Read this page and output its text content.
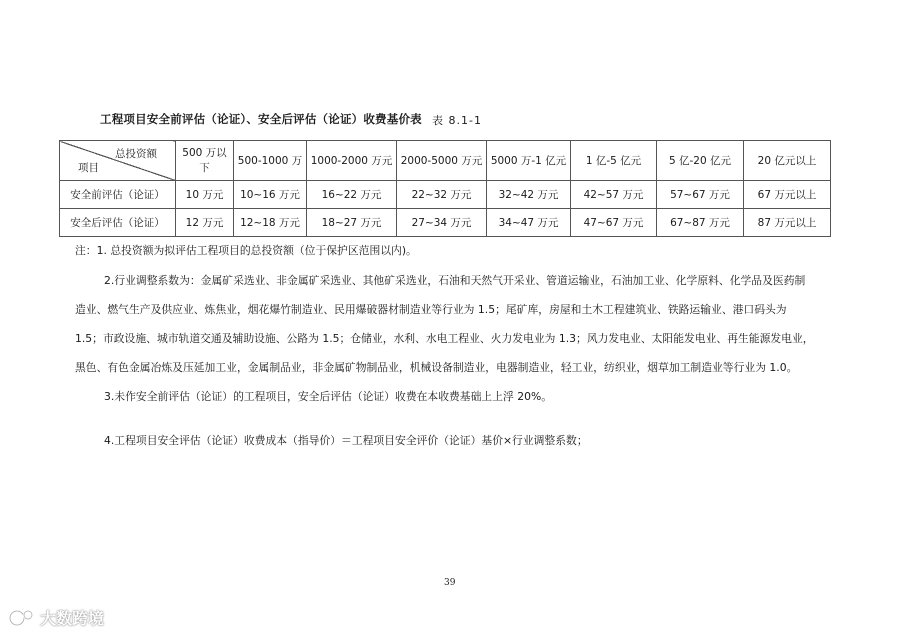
工程项目安全前评估（论证）、安全后评估（论证）收费基价表 表 8.1-1
总投资额
项目	500 万以下	500-1000 万	1000-2000 万元	2000-5000 万元	5000 万-1 亿元	1 亿-5 亿元	5 亿-20 亿元	20 亿元以上
安全前评估（论证）	10 万元	10~16 万元	16~22 万元	22~32 万元	32~42 万元	42~57 万元	57~67 万元	67 万元以上
安全后评估（论证）	12 万元	12~18 万元	18~27 万元	27~34 万元	34~47 万元	47~67 万元	67~87 万元	87 万元以上
注：1. 总投资额为拟评估工程项目的总投资额（位于保护区范围以内)。
2.行业调整系数为：金属矿采选业、非金属矿采选业、其他矿采选业，石油和天然气开采业、管道运输业，石油加工业、化学原料、化学品及医药制
造业、燃气生产及供应业、炼焦业，烟花爆竹制造业、民用爆破器材制造业等行业为 1.5；尾矿库，房屋和土木工程建筑业、铁路运输业、港口码头为
1.5；市政设施、城市轨道交通及辅助设施、公路为 1.5；仓储业，水利、水电工程业、火力发电业为 1.3；风力发电业、太阳能发电业、再生能源发电业，
黑色、有色金属冶炼及压延加工业，金属制品业，非金属矿物制品业，机械设备制造业，电器制造业，轻工业，纺织业，烟草加工制造业等行业为 1.0。
3.未作安全前评估（论证）的工程项目，安全后评估（论证）收费在本收费基础上上浮 20%。
4.工程项目安全评估（论证）收费成本（指导价）＝工程项目安全评价（论证）基价×行业调整系数；
39
大数跨境
